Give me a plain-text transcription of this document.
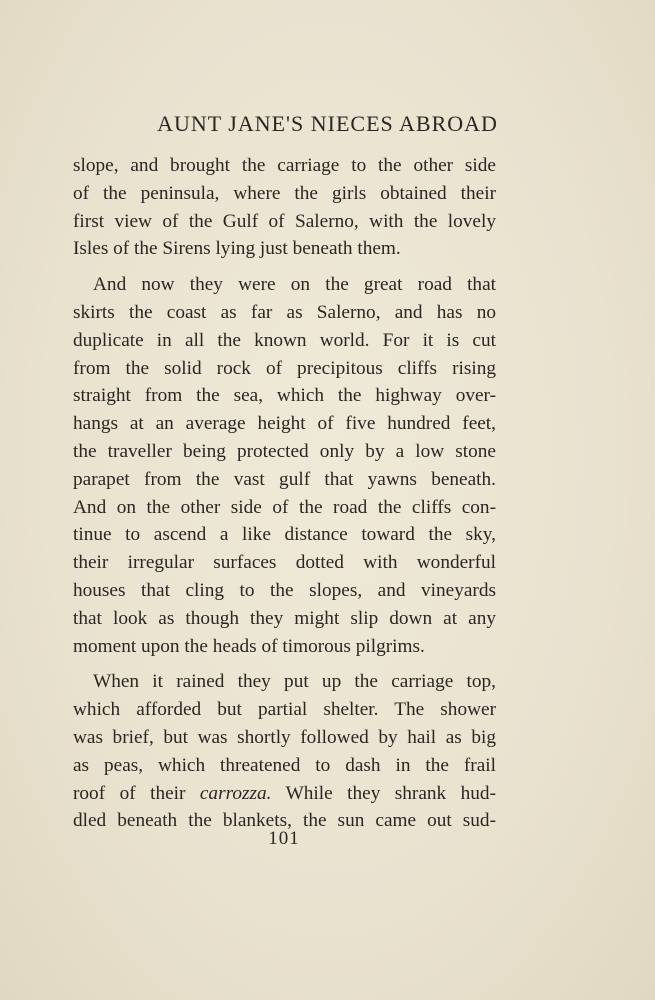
AUNT JANE'S NIECES ABROAD

slope, and brought the carriage to the other side
of the peninsula, where the girls obtained their
first view of the Gulf of Salerno, with the lovely
Isles of the Sirens lying just beneath them.

And now they were on the great road that
skirts the coast as far as Salerno, and has no
duplicate in all the known world. For it is cut
from the solid rock of precipitous cliffs rising
straight from the sea, which the highway over-
hangs at an average height of five hundred feet,
the traveller being protected only by a low stone
parapet from the vast gulf that yawns beneath.
And on the other side of the road the cliffs con-
tinue to ascend a like distance toward the sky,
their irregular surfaces dotted with wonderful
houses that cling to the slopes, and vineyards
that look as though they might slip down at any
moment upon the heads of timorous pilgrims.

When it rained they put up the carriage top,
which afforded but partial shelter. The shower
was brief, but was shortly followed by hail as big
as peas, which threatened to dash in the frail
roof of their carrozza. While they shrank hud-
dled beneath the blankets, the sun came out sud-

101
